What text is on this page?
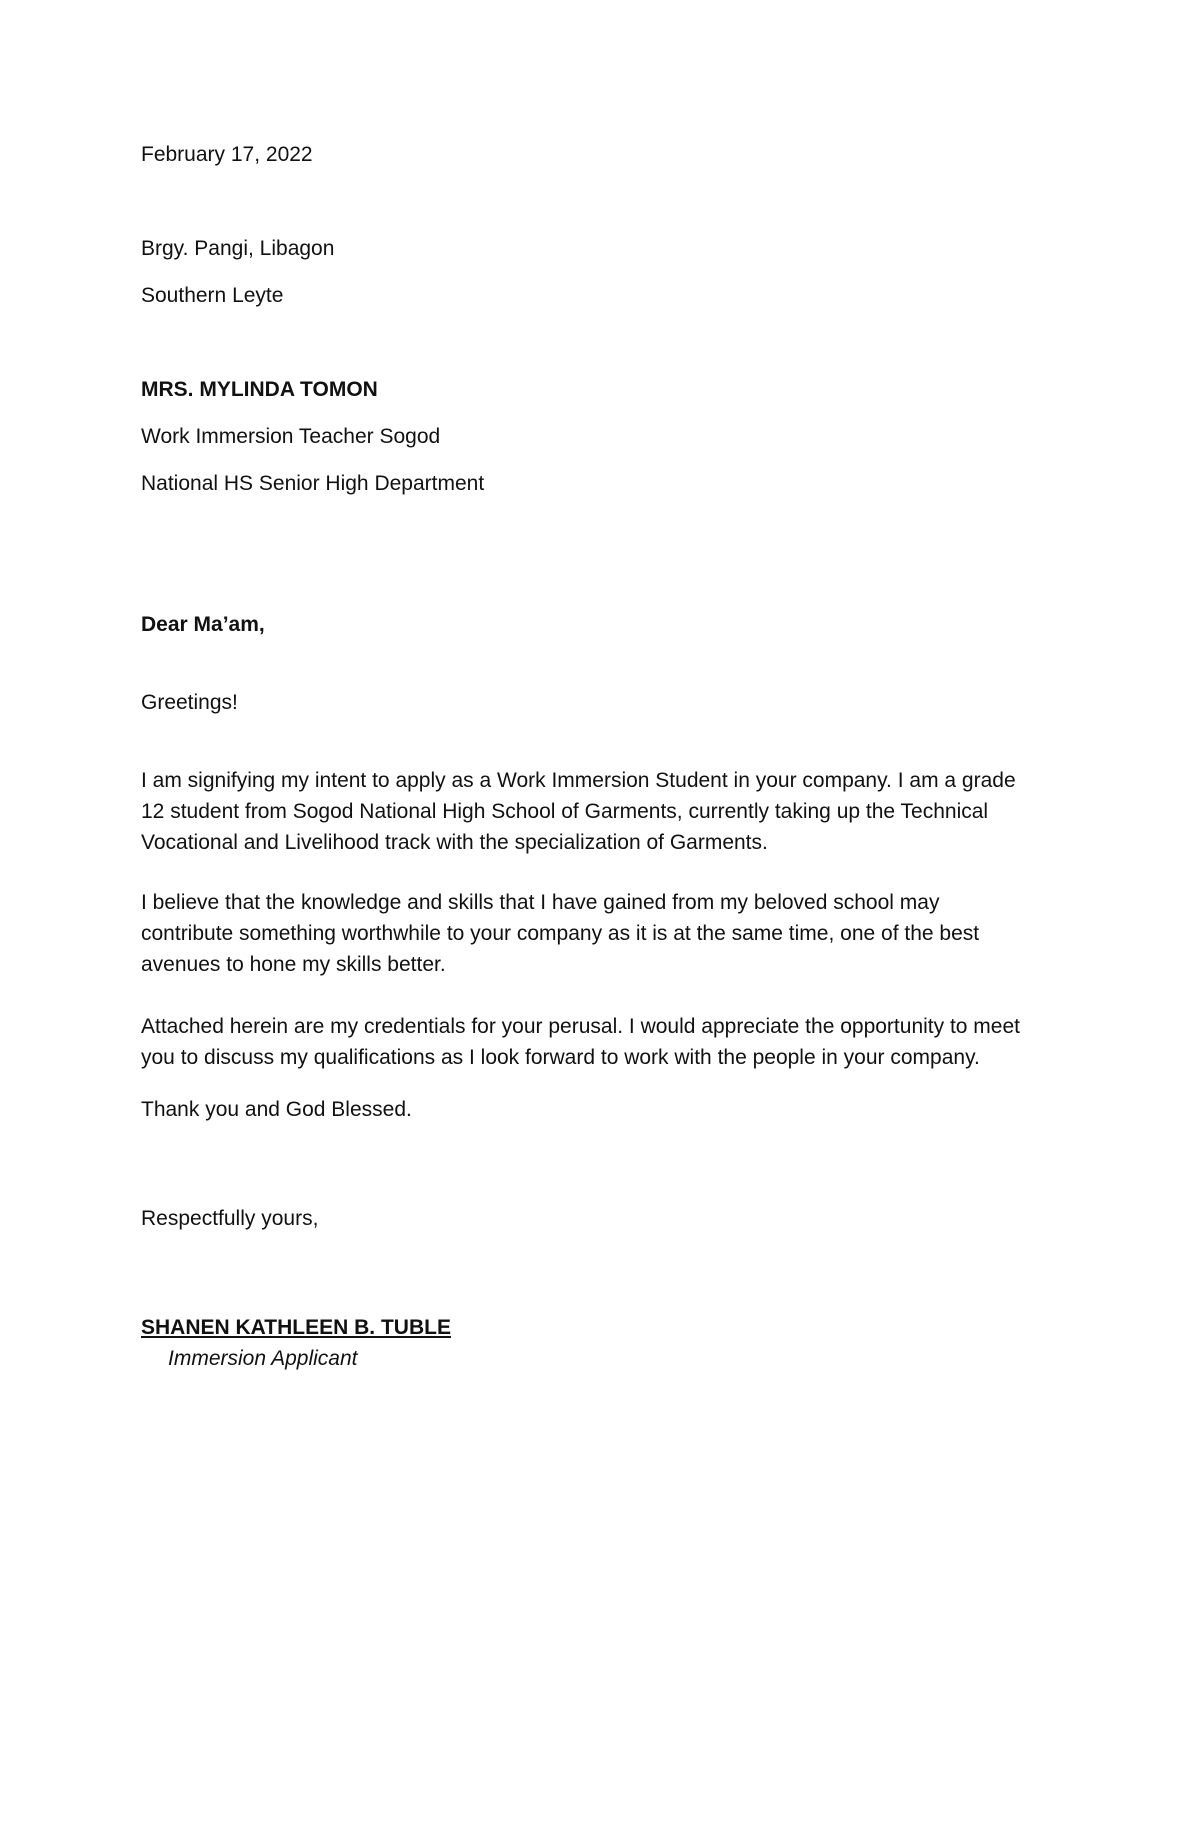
February 17, 2022
Brgy. Pangi, Libagon
Southern Leyte
MRS. MYLINDA TOMON
Work Immersion Teacher Sogod
National HS Senior High Department
Dear Ma’am,
Greetings!

I am signifying my intent to apply as a Work Immersion Student in your company. I am a grade

12 student from Sogod National High School of Garments, currently taking up the Technical

Vocational and Livelihood track with the specialization of Garments.

I believe that the knowledge and skills that I have gained from my beloved school may

contribute something worthwhile to your company as it is at the same time, one of the best

avenues to hone my skills better.

Attached herein are my credentials for your perusal. I would appreciate the opportunity to meet

you to discuss my qualifications as I look forward to work with the people in your company.

Thank you and God Blessed.
Respectfully yours,
SHANEN KATHLEEN B. TUBLE
Immersion Applicant
